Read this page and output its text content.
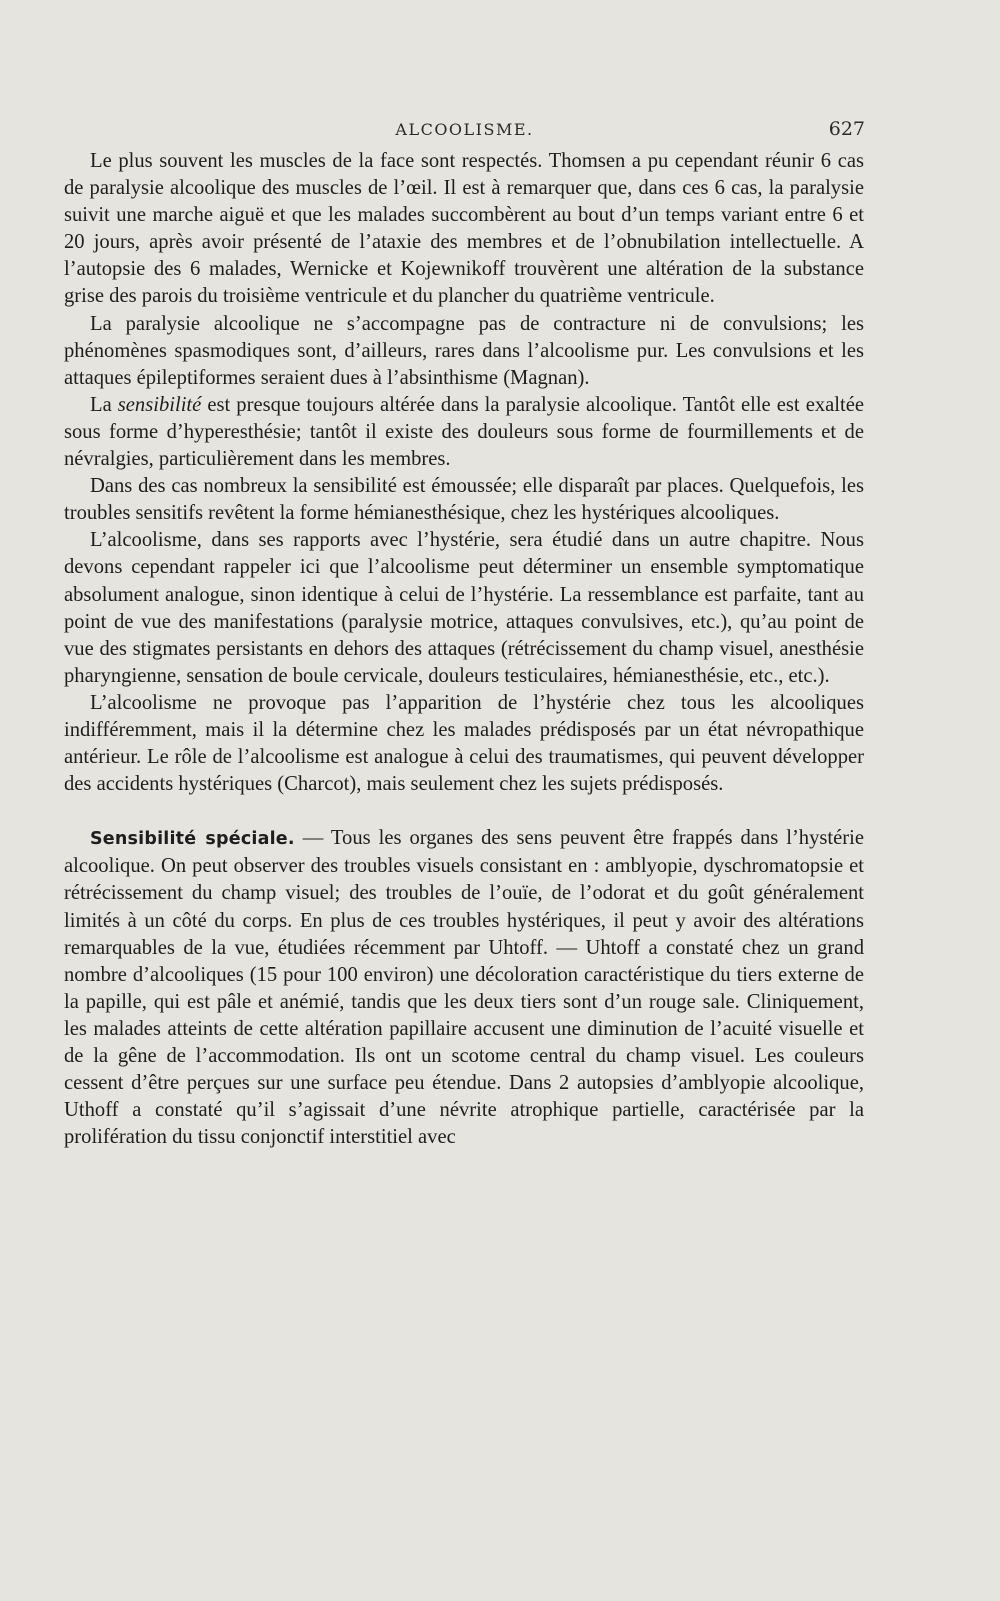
ALCOOLISME.	627

Le plus souvent les muscles de la face sont respectés. Thomsen a pu cependant réunir 6 cas de paralysie alcoolique des muscles de l’œil. Il est à remarquer que, dans ces 6 cas, la paralysie suivit une marche aiguë et que les malades succombèrent au bout d’un temps variant entre 6 et 20 jours, après avoir présenté de l’ataxie des membres et de l’obnubilation intellectuelle. A l’autopsie des 6 malades, Wernicke et Kojewnikoff trouvèrent une altération de la substance grise des parois du troisième ventricule et du plancher du quatrième ventricule.

La paralysie alcoolique ne s’accompagne pas de contracture ni de convulsions; les phénomènes spasmodiques sont, d’ailleurs, rares dans l’alcoolisme pur. Les convulsions et les attaques épileptiformes seraient dues à l’absinthisme (Magnan).

La sensibilité est presque toujours altérée dans la paralysie alcoolique. Tantôt elle est exaltée sous forme d’hyperesthésie; tantôt il existe des douleurs sous forme de fourmillements et de névralgies, particulièrement dans les membres.

Dans des cas nombreux la sensibilité est émoussée; elle disparaît par places. Quelquefois, les troubles sensitifs revêtent la forme hémianesthésique, chez les hystériques alcooliques.

L’alcoolisme, dans ses rapports avec l’hystérie, sera étudié dans un autre chapitre. Nous devons cependant rappeler ici que l’alcoolisme peut déterminer un ensemble symptomatique absolument analogue, sinon identique à celui de l’hystérie. La ressemblance est parfaite, tant au point de vue des manifestations (paralysie motrice, attaques convulsives, etc.), qu’au point de vue des stigmates persistants en dehors des attaques (rétrécissement du champ visuel, anesthésie pharyngienne, sensation de boule cervicale, douleurs testiculaires, hémianesthésie, etc., etc.).

L’alcoolisme ne provoque pas l’apparition de l’hystérie chez tous les alcooliques indifféremment, mais il la détermine chez les malades prédisposés par un état névropathique antérieur. Le rôle de l’alcoolisme est analogue à celui des traumatismes, qui peuvent développer des accidents hystériques (Charcot), mais seulement chez les sujets prédisposés.

Sensibilité spéciale. — Tous les organes des sens peuvent être frappés dans l’hystérie alcoolique. On peut observer des troubles visuels consistant en : amblyopie, dyschromatopsie et rétrécissement du champ visuel; des troubles de l’ouïe, de l’odorat et du goût généralement limités à un côté du corps. En plus de ces troubles hystériques, il peut y avoir des altérations remarquables de la vue, étudiées récemment par Uhtoff. — Uhtoff a constaté chez un grand nombre d’alcooliques (15 pour 100 environ) une décoloration caractéristique du tiers externe de la papille, qui est pâle et anémié, tandis que les deux tiers sont d’un rouge sale. Cliniquement, les malades atteints de cette altération papillaire accusent une diminution de l’acuité visuelle et de la gêne de l’accommodation. Ils ont un scotome central du champ visuel. Les couleurs cessent d’être perçues sur une surface peu étendue. Dans 2 autopsies d’amblyopie alcoolique, Uthoff a constaté qu’il s’agissait d’une névrite atrophique partielle, caractérisée par la prolifération du tissu conjonctif interstitiel avec
